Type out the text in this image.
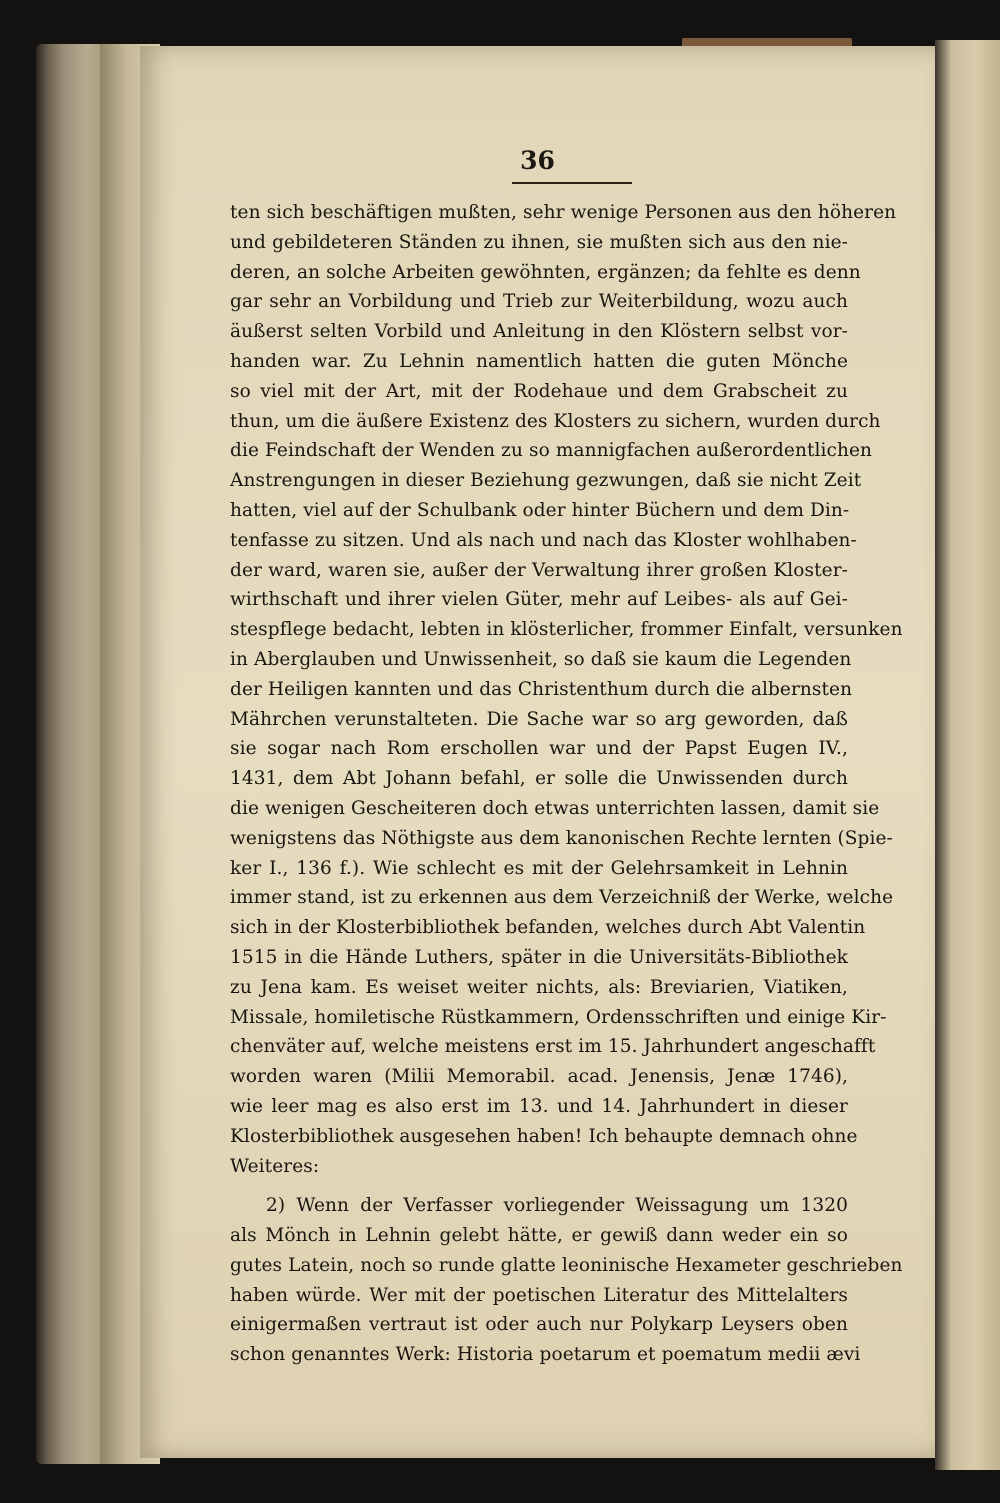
36
ten sich beschäftigen mußten, sehr wenige Personen aus den höheren
und gebildeteren Ständen zu ihnen, sie mußten sich aus den nie-
deren, an solche Arbeiten gewöhnten, ergänzen; da fehlte es denn
gar sehr an Vorbildung und Trieb zur Weiterbildung, wozu auch
äußerst selten Vorbild und Anleitung in den Klöstern selbst vor-
handen war. Zu Lehnin namentlich hatten die guten Mönche
so viel mit der Art, mit der Rodehaue und dem Grabscheit zu
thun, um die äußere Existenz des Klosters zu sichern, wurden durch
die Feindschaft der Wenden zu so mannigfachen außerordentlichen
Anstrengungen in dieser Beziehung gezwungen, daß sie nicht Zeit
hatten, viel auf der Schulbank oder hinter Büchern und dem Din-
tenfasse zu sitzen. Und als nach und nach das Kloster wohlhaben-
der ward, waren sie, außer der Verwaltung ihrer großen Kloster-
wirthschaft und ihrer vielen Güter, mehr auf Leibes- als auf Gei-
stespflege bedacht, lebten in klösterlicher, frommer Einfalt, versunken
in Aberglauben und Unwissenheit, so daß sie kaum die Legenden
der Heiligen kannten und das Christenthum durch die albernsten
Mährchen verunstalteten. Die Sache war so arg geworden, daß
sie sogar nach Rom erschollen war und der Papst Eugen IV.,
1431, dem Abt Johann befahl, er solle die Unwissenden durch
die wenigen Gescheiteren doch etwas unterrichten lassen, damit sie
wenigstens das Nöthigste aus dem kanonischen Rechte lernten (Spie-
ker I., 136 f.). Wie schlecht es mit der Gelehrsamkeit in Lehnin
immer stand, ist zu erkennen aus dem Verzeichniß der Werke, welche
sich in der Klosterbibliothek befanden, welches durch Abt Valentin
1515 in die Hände Luthers, später in die Universitäts-Bibliothek
zu Jena kam. Es weiset weiter nichts, als: Breviarien, Viatiken,
Missale, homiletische Rüstkammern, Ordensschriften und einige Kir-
chenväter auf, welche meistens erst im 15. Jahrhundert angeschafft
worden waren (Milii Memorabil. acad. Jenensis, Jenæ 1746),
wie leer mag es also erst im 13. und 14. Jahrhundert in dieser
Klosterbibliothek ausgesehen haben! Ich behaupte demnach ohne
Weiteres:
2) Wenn der Verfasser vorliegender Weissagung um 1320
als Mönch in Lehnin gelebt hätte, er gewiß dann weder ein so
gutes Latein, noch so runde glatte leoninische Hexameter geschrieben
haben würde. Wer mit der poetischen Literatur des Mittelalters
einigermaßen vertraut ist oder auch nur Polykarp Leysers oben
schon genanntes Werk: Historia poetarum et poematum medii ævi
